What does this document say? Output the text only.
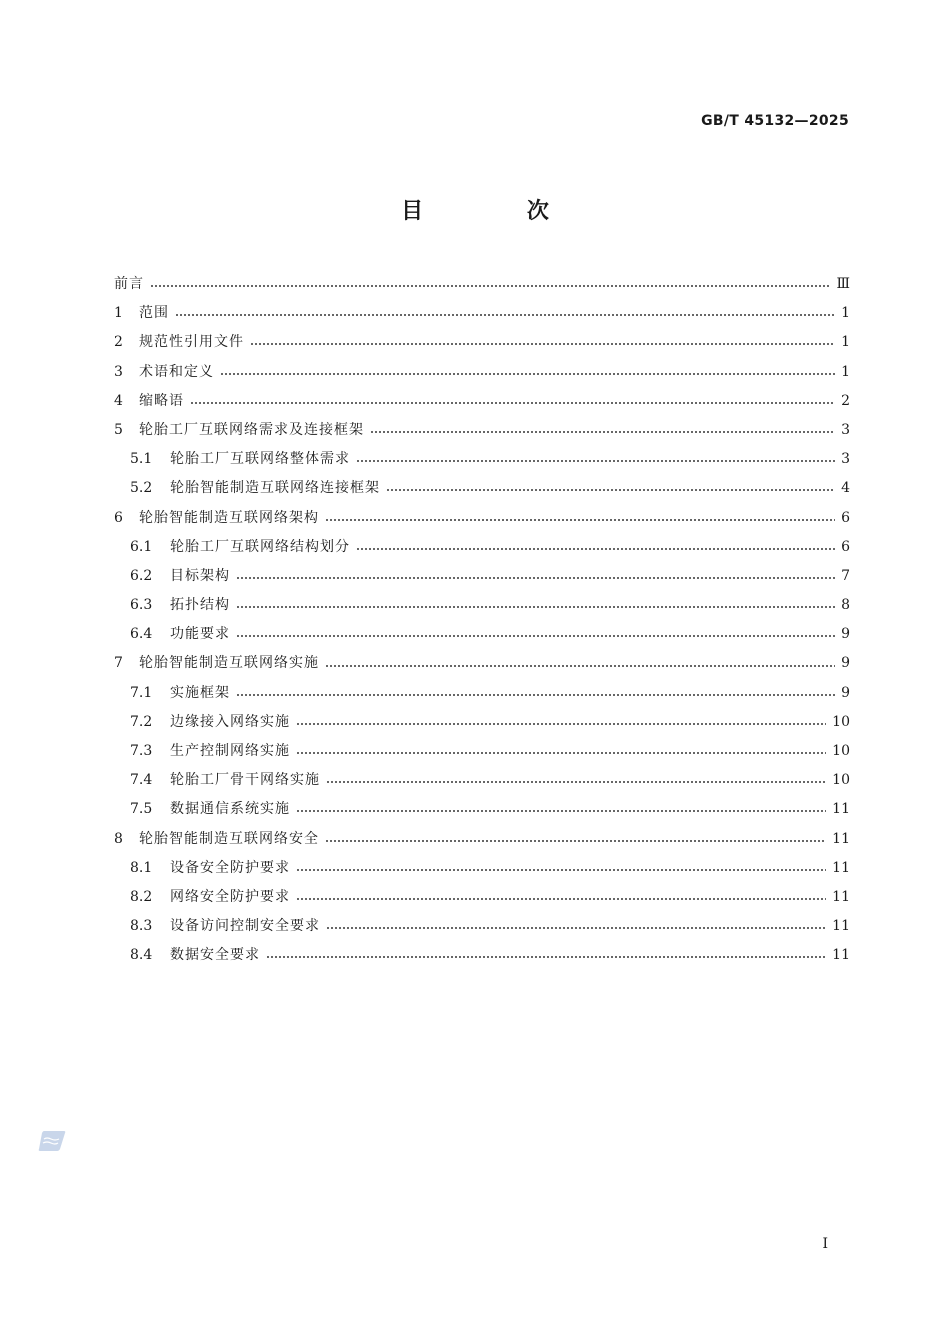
GB/T 45132—2025
目 次
前言	Ⅲ
1	范围	1
2	规范性引用文件	1
3	术语和定义	1
4	缩略语	2
5	轮胎工厂互联网络需求及连接框架	3
5.1	轮胎工厂互联网络整体需求	3
5.2	轮胎智能制造互联网络连接框架	4
6	轮胎智能制造互联网络架构	6
6.1	轮胎工厂互联网络结构划分	6
6.2	目标架构	7
6.3	拓扑结构	8
6.4	功能要求	9
7	轮胎智能制造互联网络实施	9
7.1	实施框架	9
7.2	边缘接入网络实施	10
7.3	生产控制网络实施	10
7.4	轮胎工厂骨干网络实施	10
7.5	数据通信系统实施	11
8	轮胎智能制造互联网络安全	11
8.1	设备安全防护要求	11
8.2	网络安全防护要求	11
8.3	设备访问控制安全要求	11
8.4	数据安全要求	11
I
